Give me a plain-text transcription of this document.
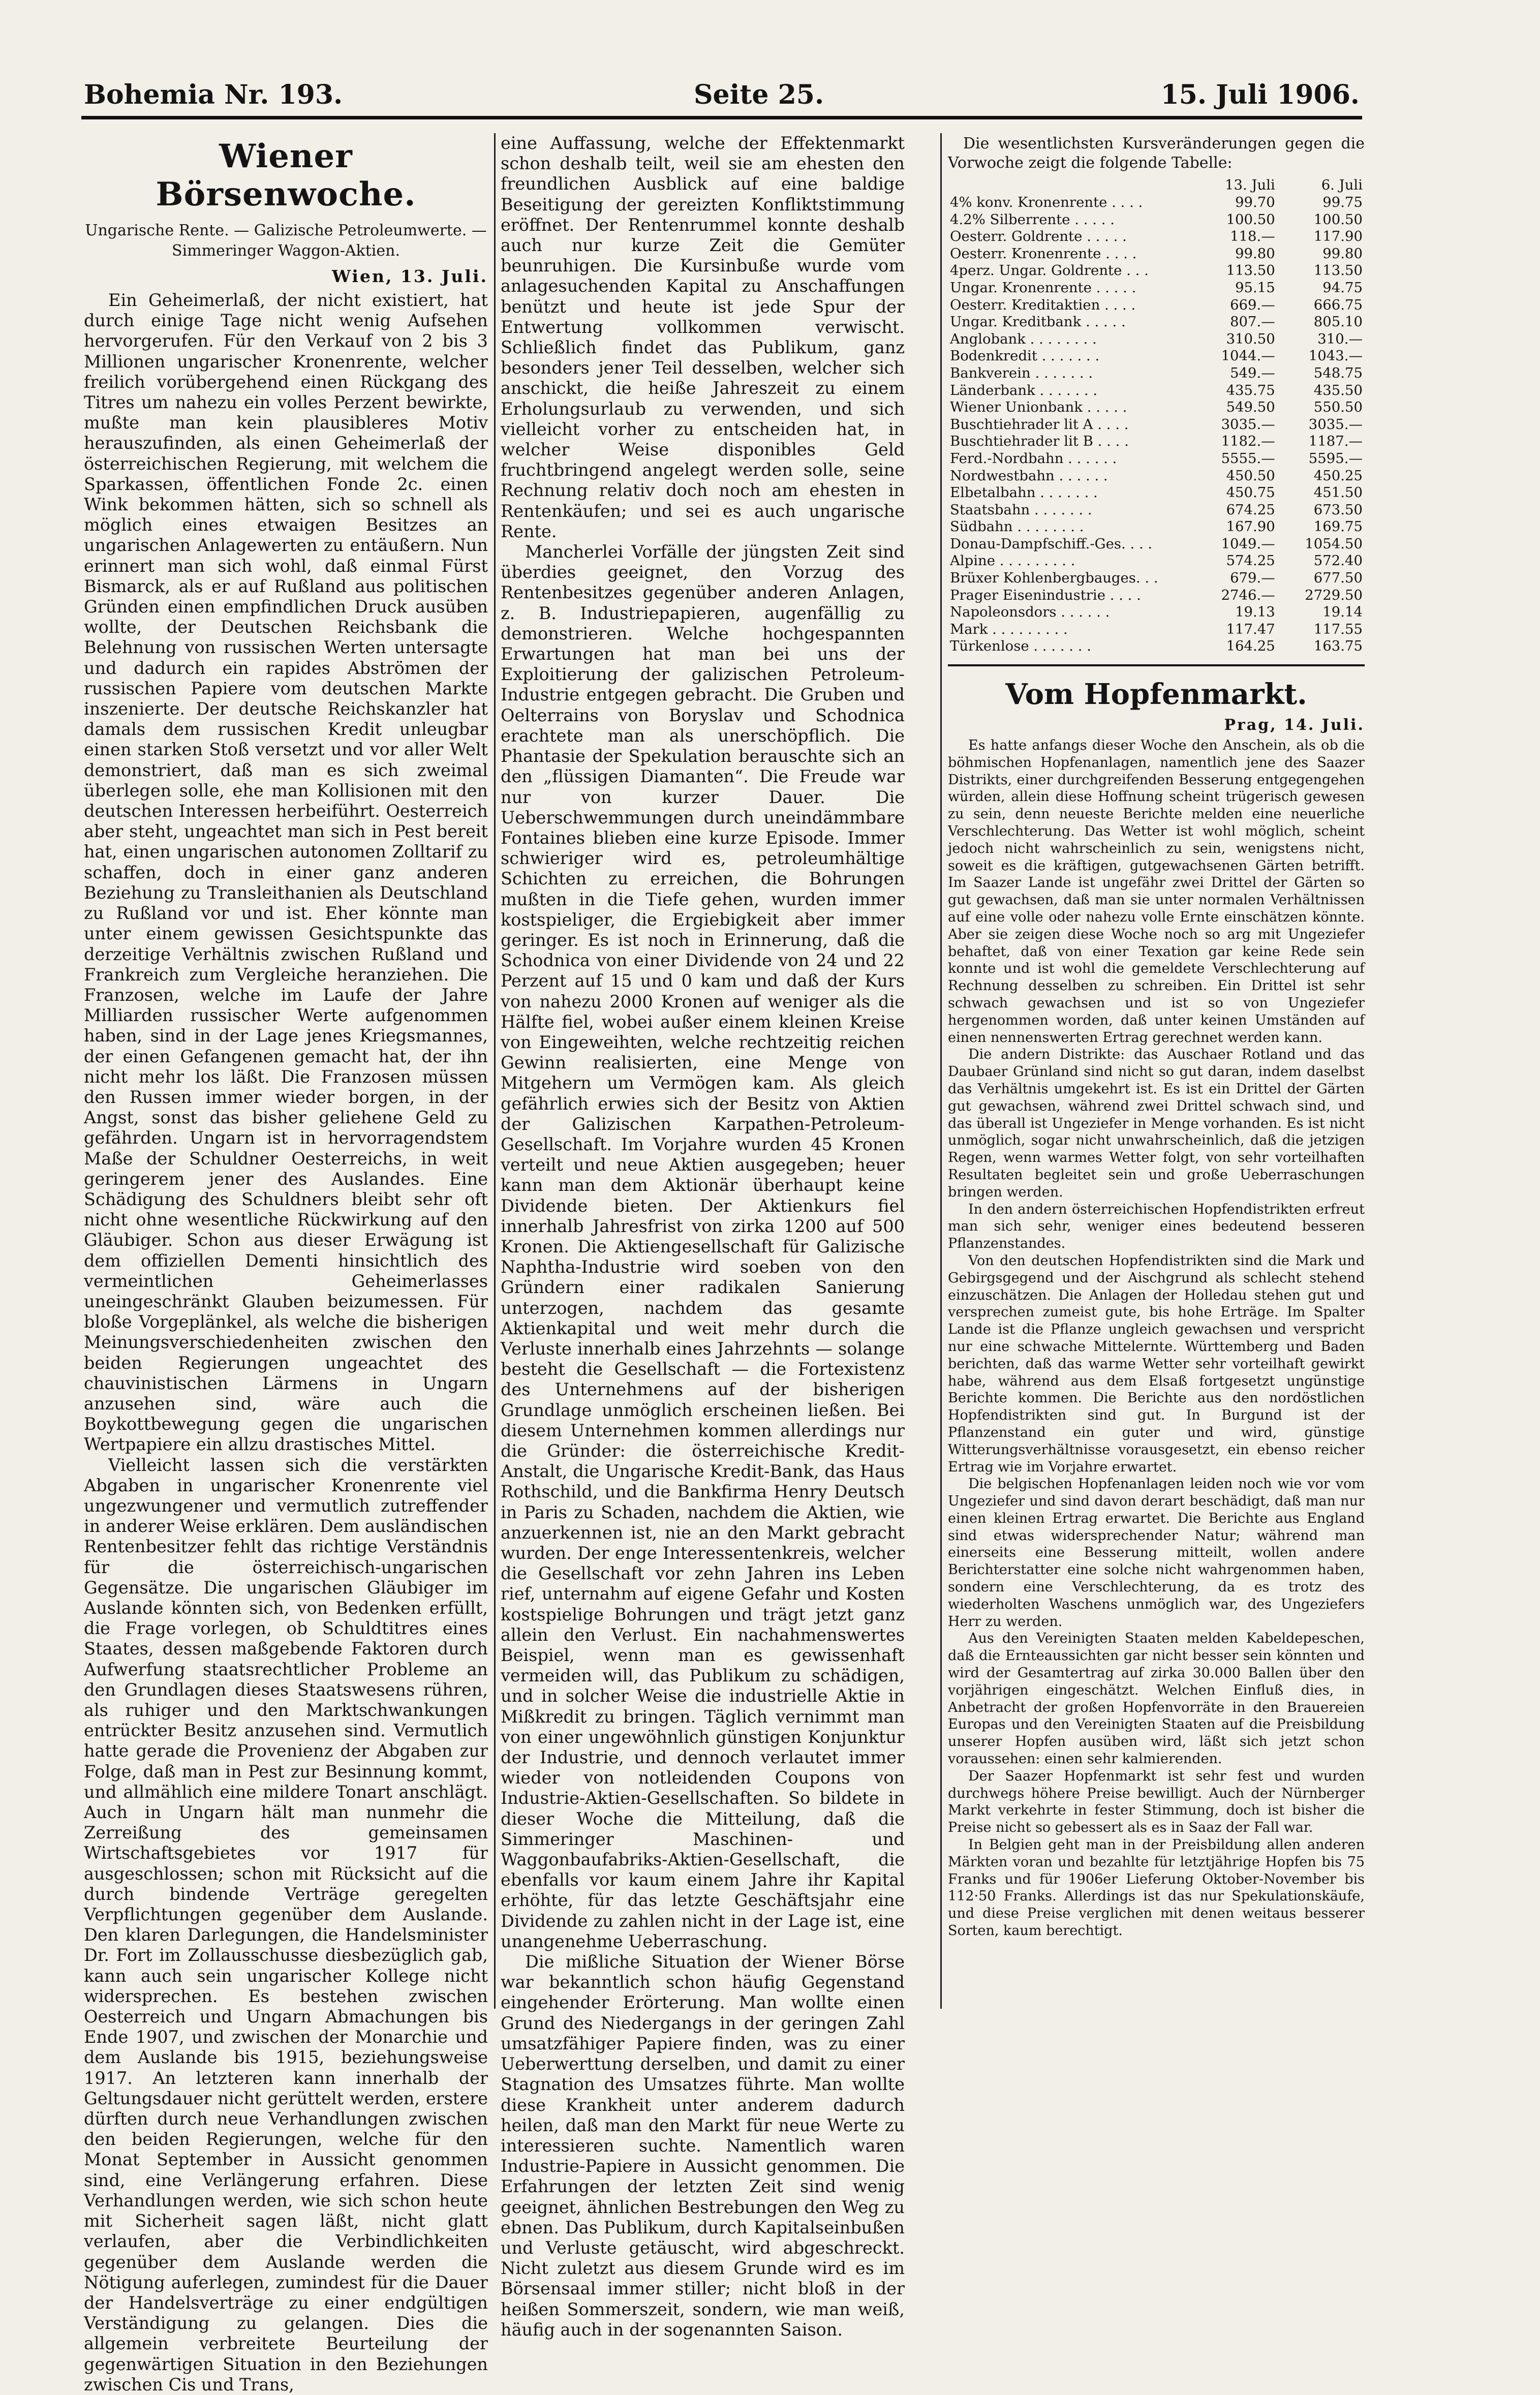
Bohemia Nr. 193.	Seite 25.	15. Juli 1906.
Wiener Börsenwoche.
Ungarische Rente. — Galizische Petroleumwerte. — Simmeringer Waggon-Aktien.
Wien, 13. Juli.

Ein Geheimerlaß, der nicht existiert, hat durch einige Tage nicht wenig Aufsehen hervorgerufen. Für den Verkauf von 2 bis 3 Millionen ungarischer Kronenrente, welcher freilich vorübergehend einen Rückgang des Titres um nahezu ein volles Perzent bewirkte, mußte man kein plausibleres Motiv herauszufinden, als einen Geheimerlaß der österreichischen Regierung, mit welchem die Sparkassen, öffentlichen Fonde 2c. einen Wink bekommen hätten, sich so schnell als möglich eines etwaigen Besitzes an ungarischen Anlagewerten zu entäußern. Nun erinnert man sich wohl, daß einmal Fürst Bismarck, als er auf Rußland aus politischen Gründen einen empfindlichen Druck ausüben wollte, der Deutschen Reichsbank die Belehnung von russischen Werten untersagte und dadurch ein rapides Abströmen der russischen Papiere vom deutschen Markte inszenierte. Der deutsche Reichskanzler hat damals dem russischen Kredit unleugbar einen starken Stoß versetzt und vor aller Welt demonstriert, daß man es sich zweimal überlegen solle, ehe man Kollisionen mit den deutschen Interessen herbeiführt. Oesterreich aber steht, ungeachtet man sich in Pest bereit hat, einen ungarischen autonomen Zolltarif zu schaffen, doch in einer ganz anderen Beziehung zu Transleithanien als Deutschland zu Rußland vor und ist. Eher könnte man unter einem gewissen Gesichtspunkte das derzeitige Verhältnis zwischen Rußland und Frankreich zum Vergleiche heranziehen. Die Franzosen, welche im Laufe der Jahre Milliarden russischer Werte aufgenommen haben, sind in der Lage jenes Kriegsmannes, der einen Gefangenen gemacht hat, der ihn nicht mehr los läßt. Die Franzosen müssen den Russen immer wieder borgen, in der Angst, sonst das bisher geliehene Geld zu gefährden. Ungarn ist in hervorragendstem Maße der Schuldner Oesterreichs, in weit geringerem jener des Auslandes. Eine Schädigung des Schuldners bleibt sehr oft nicht ohne wesentliche Rückwirkung auf den Gläubiger. Schon aus dieser Erwägung ist dem offiziellen Dementi hinsichtlich des vermeintlichen Geheimerlasses uneingeschränkt Glauben beizumessen. Für bloße Vorgeplänkel, als welche die bisherigen Meinungsverschiedenheiten zwischen den beiden Regierungen ungeachtet des chauvinistischen Lärmens in Ungarn anzusehen sind, wäre auch die Boykottbewegung gegen die ungarischen Wertpapiere ein allzu drastisches Mittel.

Vielleicht lassen sich die verstärkten Abgaben in ungarischer Kronenrente viel ungezwungener und vermutlich zutreffender in anderer Weise erklären. Dem ausländischen Rentenbesitzer fehlt das richtige Verständnis für die österreichisch-ungarischen Gegensätze. Die ungarischen Gläubiger im Auslande könnten sich, von Bedenken erfüllt, die Frage vorlegen, ob Schuldtitres eines Staates, dessen maßgebende Faktoren durch Aufwerfung staatsrechtlicher Probleme an den Grundlagen dieses Staatswesens rühren, als ruhiger und den Marktschwankungen entrückter Besitz anzusehen sind. Vermutlich hatte gerade die Provenienz der Abgaben zur Folge, daß man in Pest zur Besinnung kommt, und allmählich eine mildere Tonart anschlägt. Auch in Ungarn hält man nunmehr die Zerreißung des gemeinsamen Wirtschaftsgebietes vor 1917 für ausgeschlossen; schon mit Rücksicht auf die durch bindende Verträge geregelten Verpflichtungen gegenüber dem Auslande. Den klaren Darlegungen, die Handelsminister Dr. Fort im Zollausschusse diesbezüglich gab, kann auch sein ungarischer Kollege nicht widersprechen. Es bestehen zwischen Oesterreich und Ungarn Abmachungen bis Ende 1907, und zwischen der Monarchie und dem Auslande bis 1915, beziehungsweise 1917. An letzteren kann innerhalb der Geltungsdauer nicht gerüttelt werden, erstere dürften durch neue Verhandlungen zwischen den beiden Regierungen, welche für den Monat September in Aussicht genommen sind, eine Verlängerung erfahren. Diese Verhandlungen werden, wie sich schon heute mit Sicherheit sagen läßt, nicht glatt verlaufen, aber die Verbindlichkeiten gegenüber dem Auslande werden die Nötigung auferlegen, zumindest für die Dauer der Handelsverträge zu einer endgültigen Verständigung zu gelangen. Dies die allgemein verbreitete Beurteilung der gegenwärtigen Situation in den Beziehungen zwischen Cis und Trans,

eine Auffassung, welche der Effektenmarkt schon deshalb teilt, weil sie am ehesten den freundlichen Ausblick auf eine baldige Beseitigung der gereizten Konfliktstimmung eröffnet. Der Rentenrummel konnte deshalb auch nur kurze Zeit die Gemüter beunruhigen. Die Kursinbuße wurde vom anlagesuchenden Kapital zu Anschaffungen benützt und heute ist jede Spur der Entwertung vollkommen verwischt. Schließlich findet das Publikum, ganz besonders jener Teil desselben, welcher sich anschickt, die heiße Jahreszeit zu einem Erholungsurlaub zu verwenden, und sich vielleicht vorher zu entscheiden hat, in welcher Weise disponibles Geld fruchtbringend angelegt werden solle, seine Rechnung relativ doch noch am ehesten in Rentenkäufen; und sei es auch ungarische Rente.

Mancherlei Vorfälle der jüngsten Zeit sind überdies geeignet, den Vorzug des Rentenbesitzes gegenüber anderen Anlagen, z. B. Industriepapieren, augenfällig zu demonstrieren. Welche hochgespannten Erwartungen hat man bei uns der Exploitierung der galizischen Petroleum-Industrie entgegen gebracht. Die Gruben und Oelterrains von Boryslav und Schodnica erachtete man als unerschöpflich. Die Phantasie der Spekulation berauschte sich an den „flüssigen Diamanten“. Die Freude war nur von kurzer Dauer. Die Ueberschwemmungen durch uneindämmbare Fontaines blieben eine kurze Episode. Immer schwieriger wird es, petroleumhältige Schichten zu erreichen, die Bohrungen mußten in die Tiefe gehen, wurden immer kostspieliger, die Ergiebigkeit aber immer geringer. Es ist noch in Erinnerung, daß die Schodnica von einer Dividende von 24 und 22 Perzent auf 15 und 0 kam und daß der Kurs von nahezu 2000 Kronen auf weniger als die Hälfte fiel, wobei außer einem kleinen Kreise von Eingeweihten, welche rechtzeitig reichen Gewinn realisierten, eine Menge von Mitgehern um Vermögen kam. Als gleich gefährlich erwies sich der Besitz von Aktien der Galizischen Karpathen-Petroleum-Gesellschaft. Im Vorjahre wurden 45 Kronen verteilt und neue Aktien ausgegeben; heuer kann man dem Aktionär überhaupt keine Dividende bieten. Der Aktienkurs fiel innerhalb Jahresfrist von zirka 1200 auf 500 Kronen. Die Aktiengesellschaft für Galizische Naphtha-Industrie wird soeben von den Gründern einer radikalen Sanierung unterzogen, nachdem das gesamte Aktienkapital und weit mehr durch die Verluste innerhalb eines Jahrzehnts — solange besteht die Gesellschaft — die Fortexistenz des Unternehmens auf der bisherigen Grundlage unmöglich erscheinen ließen. Bei diesem Unternehmen kommen allerdings nur die Gründer: die österreichische Kredit-Anstalt, die Ungarische Kredit-Bank, das Haus Rothschild, und die Bankfirma Henry Deutsch in Paris zu Schaden, nachdem die Aktien, wie anzuerkennen ist, nie an den Markt gebracht wurden. Der enge Interessentenkreis, welcher die Gesellschaft vor zehn Jahren ins Leben rief, unternahm auf eigene Gefahr und Kosten kostspielige Bohrungen und trägt jetzt ganz allein den Verlust. Ein nachahmenswertes Beispiel, wenn man es gewissenhaft vermeiden will, das Publikum zu schädigen, und in solcher Weise die industrielle Aktie in Mißkredit zu bringen. Täglich vernimmt man von einer ungewöhnlich günstigen Konjunktur der Industrie, und dennoch verlautet immer wieder von notleidenden Coupons von Industrie-Aktien-Gesellschaften. So bildete in dieser Woche die Mitteilung, daß die Simmeringer Maschinen- und Waggonbaufabriks-Aktien-Gesellschaft, die ebenfalls vor kaum einem Jahre ihr Kapital erhöhte, für das letzte Geschäftsjahr eine Dividende zu zahlen nicht in der Lage ist, eine unangenehme Ueberraschung.

Die mißliche Situation der Wiener Börse war bekanntlich schon häufig Gegenstand eingehender Erörterung. Man wollte einen Grund des Niedergangs in der geringen Zahl umsatzfähiger Papiere finden, was zu einer Ueberwerttung derselben, und damit zu einer Stagnation des Umsatzes führte. Man wollte diese Krankheit unter anderem dadurch heilen, daß man den Markt für neue Werte zu interessieren suchte. Namentlich waren Industrie-Papiere in Aussicht genommen. Die Erfahrungen der letzten Zeit sind wenig geeignet, ähnlichen Bestrebungen den Weg zu ebnen. Das Publikum, durch Kapitalseinbußen und Verluste getäuscht, wird abgeschreckt. Nicht zuletzt aus diesem Grunde wird es im Börsensaal immer stiller; nicht bloß in der heißen Sommerszeit, sondern, wie man weiß, häufig auch in der sogenannten Saison.

Die wesentlichsten Kursveränderungen gegen die Vorwoche zeigt die folgende Tabelle:
	13. Juli	6. Juli
4% konv. Kronenrente . . . .	99.70	99.75
4.2% Silberrente . . . . .	100.50	100.50
Oesterr. Goldrente . . . . .	118.—	117.90
Oesterr. Kronenrente . . . .	99.80	99.80
4perz. Ungar. Goldrente . . .	113.50	113.50
Ungar. Kronenrente . . . . .	95.15	94.75
Oesterr. Kreditaktien . . . .	669.—	666.75
Ungar. Kreditbank . . . . .	807.—	805.10
Anglobank . . . . . . . .	310.50	310.—
Bodenkredit . . . . . . .	1044.—	1043.—
Bankverein . . . . . . .	549.—	548.75
Länderbank . . . . . . .	435.75	435.50
Wiener Unionbank . . . . .	549.50	550.50
Buschtiehrader lit A . . . .	3035.—	3035.—
Buschtiehrader lit B . . . .	1182.—	1187.—
Ferd.-Nordbahn . . . . . .	5555.—	5595.—
Nordwestbahn . . . . . .	450.50	450.25
Elbetalbahn . . . . . . .	450.75	451.50
Staatsbahn . . . . . . .	674.25	673.50
Südbahn . . . . . . . .	167.90	169.75
Donau-Dampfschiff.-Ges. . . .	1049.—	1054.50
Alpine . . . . . . . . .	574.25	572.40
Brüxer Kohlenbergbauges. . .	679.—	677.50
Prager Eisenindustrie . . . .	2746.—	2729.50
Napoleonsdors . . . . . .	19.13	19.14
Mark . . . . . . . . .	117.47	117.55
Türkenlose . . . . . . .	164.25	163.75
Vom Hopfenmarkt.
Prag, 14. Juli.

Es hatte anfangs dieser Woche den Anschein, als ob die böhmischen Hopfenanlagen, namentlich jene des Saazer Distrikts, einer durchgreifenden Besserung entgegengehen würden, allein diese Hoffnung scheint trügerisch gewesen zu sein, denn neueste Berichte melden eine neuerliche Verschlechterung. Das Wetter ist wohl möglich, scheint jedoch nicht wahrscheinlich zu sein, wenigstens nicht, soweit es die kräftigen, gutgewachsenen Gärten betrifft. Im Saazer Lande ist ungefähr zwei Drittel der Gärten so gut gewachsen, daß man sie unter normalen Verhältnissen auf eine volle oder nahezu volle Ernte einschätzen könnte. Aber sie zeigen diese Woche noch so arg mit Ungeziefer behaftet, daß von einer Texation gar keine Rede sein konnte und ist wohl die gemeldete Verschlechterung auf Rechnung desselben zu schreiben. Ein Drittel ist sehr schwach gewachsen und ist so von Ungeziefer hergenommen worden, daß unter keinen Umständen auf einen nennenswerten Ertrag gerechnet werden kann.

Die andern Distrikte: das Auschaer Rotland und das Daubaer Grünland sind nicht so gut daran, indem daselbst das Verhältnis umgekehrt ist. Es ist ein Drittel der Gärten gut gewachsen, während zwei Drittel schwach sind, und das überall ist Ungeziefer in Menge vorhanden. Es ist nicht unmöglich, sogar nicht unwahrscheinlich, daß die jetzigen Regen, wenn warmes Wetter folgt, von sehr vorteilhaften Resultaten begleitet sein und große Ueberraschungen bringen werden.

In den andern österreichischen Hopfendistrikten erfreut man sich sehr, weniger eines bedeutend besseren Pflanzenstandes.

Von den deutschen Hopfendistrikten sind die Mark und Gebirgsgegend und der Aischgrund als schlecht stehend einzuschätzen. Die Anlagen der Holledau stehen gut und versprechen zumeist gute, bis hohe Erträge. Im Spalter Lande ist die Pflanze ungleich gewachsen und verspricht nur eine schwache Mittelernte. Württemberg und Baden berichten, daß das warme Wetter sehr vorteilhaft gewirkt habe, während aus dem Elsaß fortgesetzt ungünstige Berichte kommen. Die Berichte aus den nordöstlichen Hopfendistrikten sind gut. In Burgund ist der Pflanzenstand ein guter und wird, günstige Witterungsverhältnisse vorausgesetzt, ein ebenso reicher Ertrag wie im Vorjahre erwartet.

Die belgischen Hopfenanlagen leiden noch wie vor vom Ungeziefer und sind davon derart beschädigt, daß man nur einen kleinen Ertrag erwartet. Die Berichte aus England sind etwas widersprechender Natur; während man einerseits eine Besserung mitteilt, wollen andere Berichterstatter eine solche nicht wahrgenommen haben, sondern eine Verschlechterung, da es trotz des wiederholten Waschens unmöglich war, des Ungeziefers Herr zu werden.

Aus den Vereinigten Staaten melden Kabeldepeschen, daß die Ernteaussichten gar nicht besser sein könnten und wird der Gesamtertrag auf zirka 30.000 Ballen über den vorjährigen eingeschätzt. Welchen Einfluß dies, in Anbetracht der großen Hopfenvorräte in den Brauereien Europas und den Vereinigten Staaten auf die Preisbildung unserer Hopfen ausüben wird, läßt sich jetzt schon voraussehen: einen sehr kalmierenden.

Der Saazer Hopfenmarkt ist sehr fest und wurden durchwegs höhere Preise bewilligt. Auch der Nürnberger Markt verkehrte in fester Stimmung, doch ist bisher die Preise nicht so gebessert als es in Saaz der Fall war.

In Belgien geht man in der Preisbildung allen anderen Märkten voran und bezahlte für letztjährige Hopfen bis 75 Franks und für 1906er Lieferung Oktober-November bis 112·50 Franks. Allerdings ist das nur Spekulationskäufe, und diese Preise verglichen mit denen weitaus besserer Sorten, kaum berechtigt.
